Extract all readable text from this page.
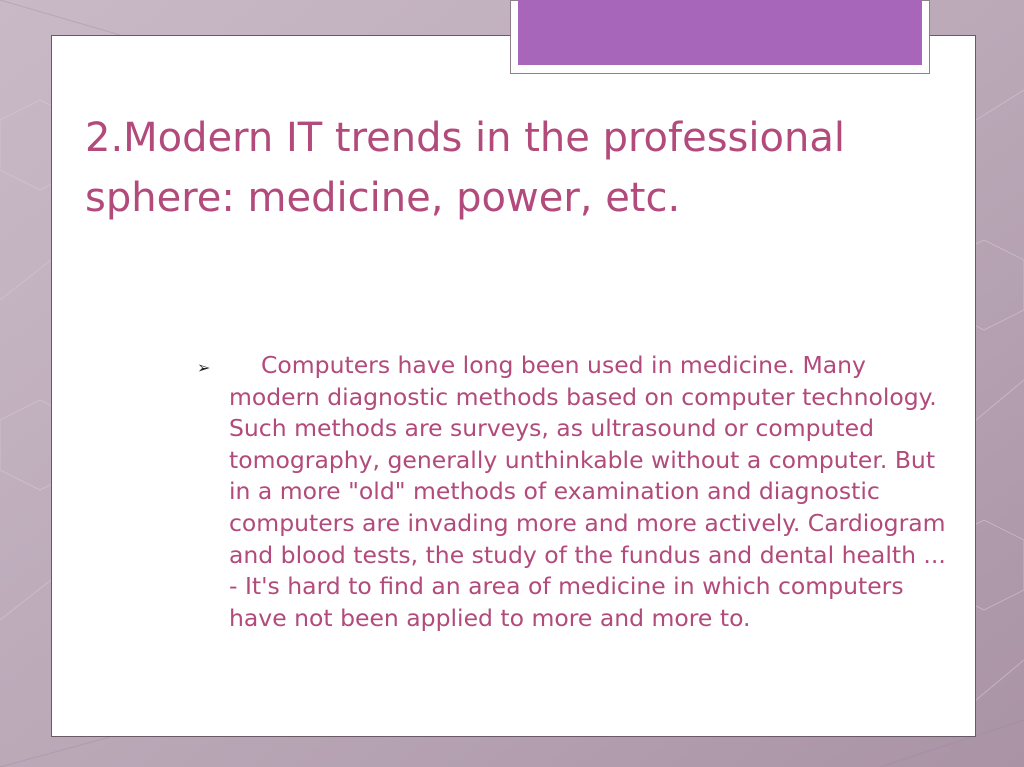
2.Modern IT trends in the professional sphere: medicine, power, etc.
➢	Computers have long been used in medicine. Many modern diagnostic methods based on computer technology. Such methods are surveys, as ultrasound or computed tomography, generally unthinkable without a computer. But in a more "old" methods of examination and diagnostic computers are invading more and more actively. Cardiogram and blood tests, the study of the fundus and dental health ... - It's hard to find an area of medicine in which computers have not been applied to more and more to.
